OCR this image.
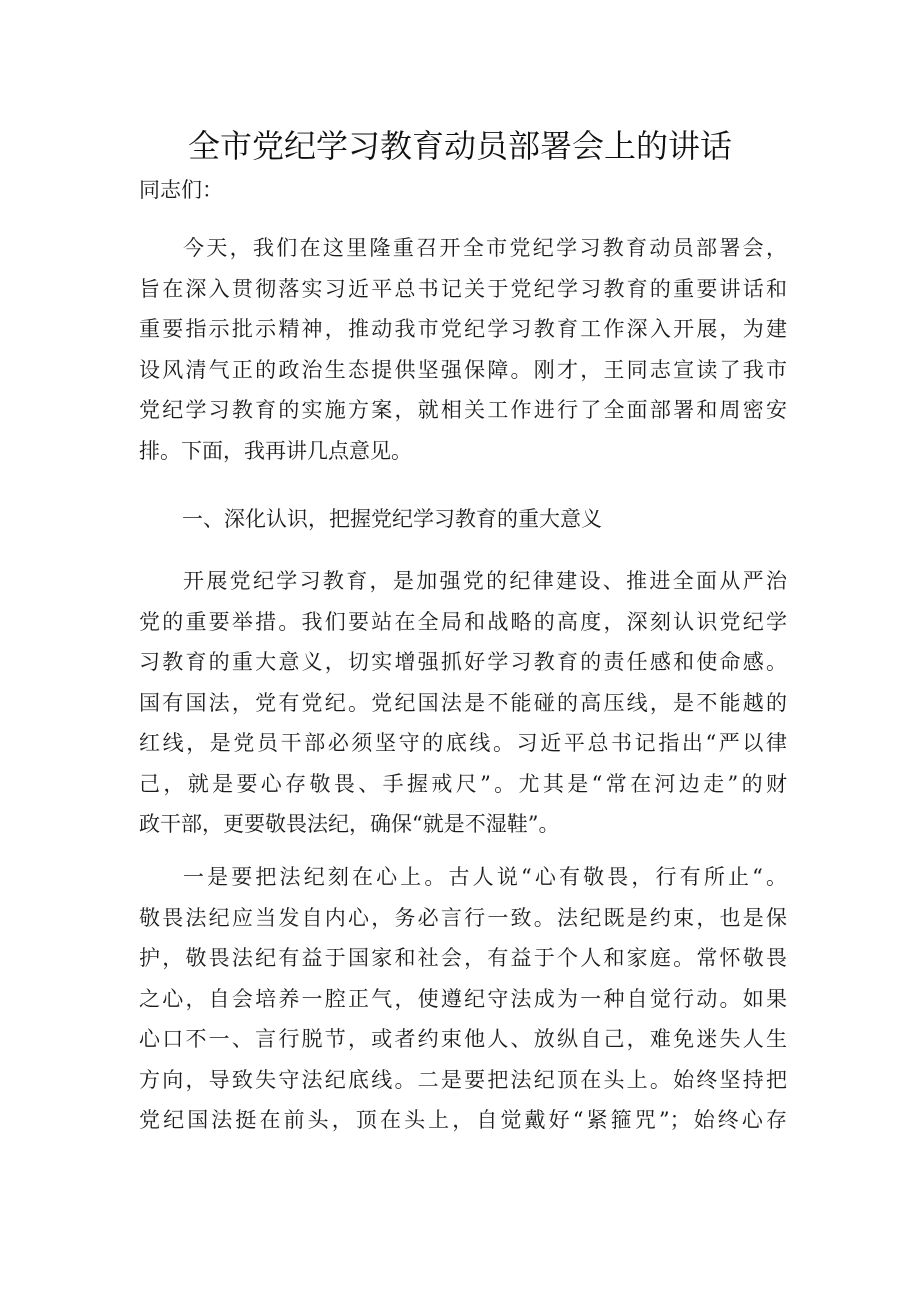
全市党纪学习教育动员部署会上的讲话
同志们：
今天，我们在这里隆重召开全市党纪学习教育动员部署会，
旨在深入贯彻落实习近平总书记关于党纪学习教育的重要讲话和
重要指示批示精神，推动我市党纪学习教育工作深入开展，为建
设风清气正的政治生态提供坚强保障。刚才，王同志宣读了我市
党纪学习教育的实施方案，就相关工作进行了全面部署和周密安
排。下面，我再讲几点意见。
一、深化认识，把握党纪学习教育的重大意义
开展党纪学习教育，是加强党的纪律建设、推进全面从严治
党的重要举措。我们要站在全局和战略的高度，深刻认识党纪学
习教育的重大意义，切实增强抓好学习教育的责任感和使命感。
国有国法，党有党纪。党纪国法是不能碰的高压线，是不能越的
红线，是党员干部必须坚守的底线。习近平总书记指出“严以律
己，就是要心存敬畏、手握戒尺”。尤其是“常在河边走”的财
政干部，更要敬畏法纪，确保“就是不湿鞋”。
一是要把法纪刻在心上。古人说“心有敬畏，行有所止“。
敬畏法纪应当发自内心，务必言行一致。法纪既是约束，也是保
护，敬畏法纪有益于国家和社会，有益于个人和家庭。常怀敬畏
之心，自会培养一腔正气，使遵纪守法成为一种自觉行动。如果
心口不一、言行脱节，或者约束他人、放纵自己，难免迷失人生
方向，导致失守法纪底线。二是要把法纪顶在头上。始终坚持把
党纪国法挺在前头，顶在头上，自觉戴好“紧箍咒”；始终心存
